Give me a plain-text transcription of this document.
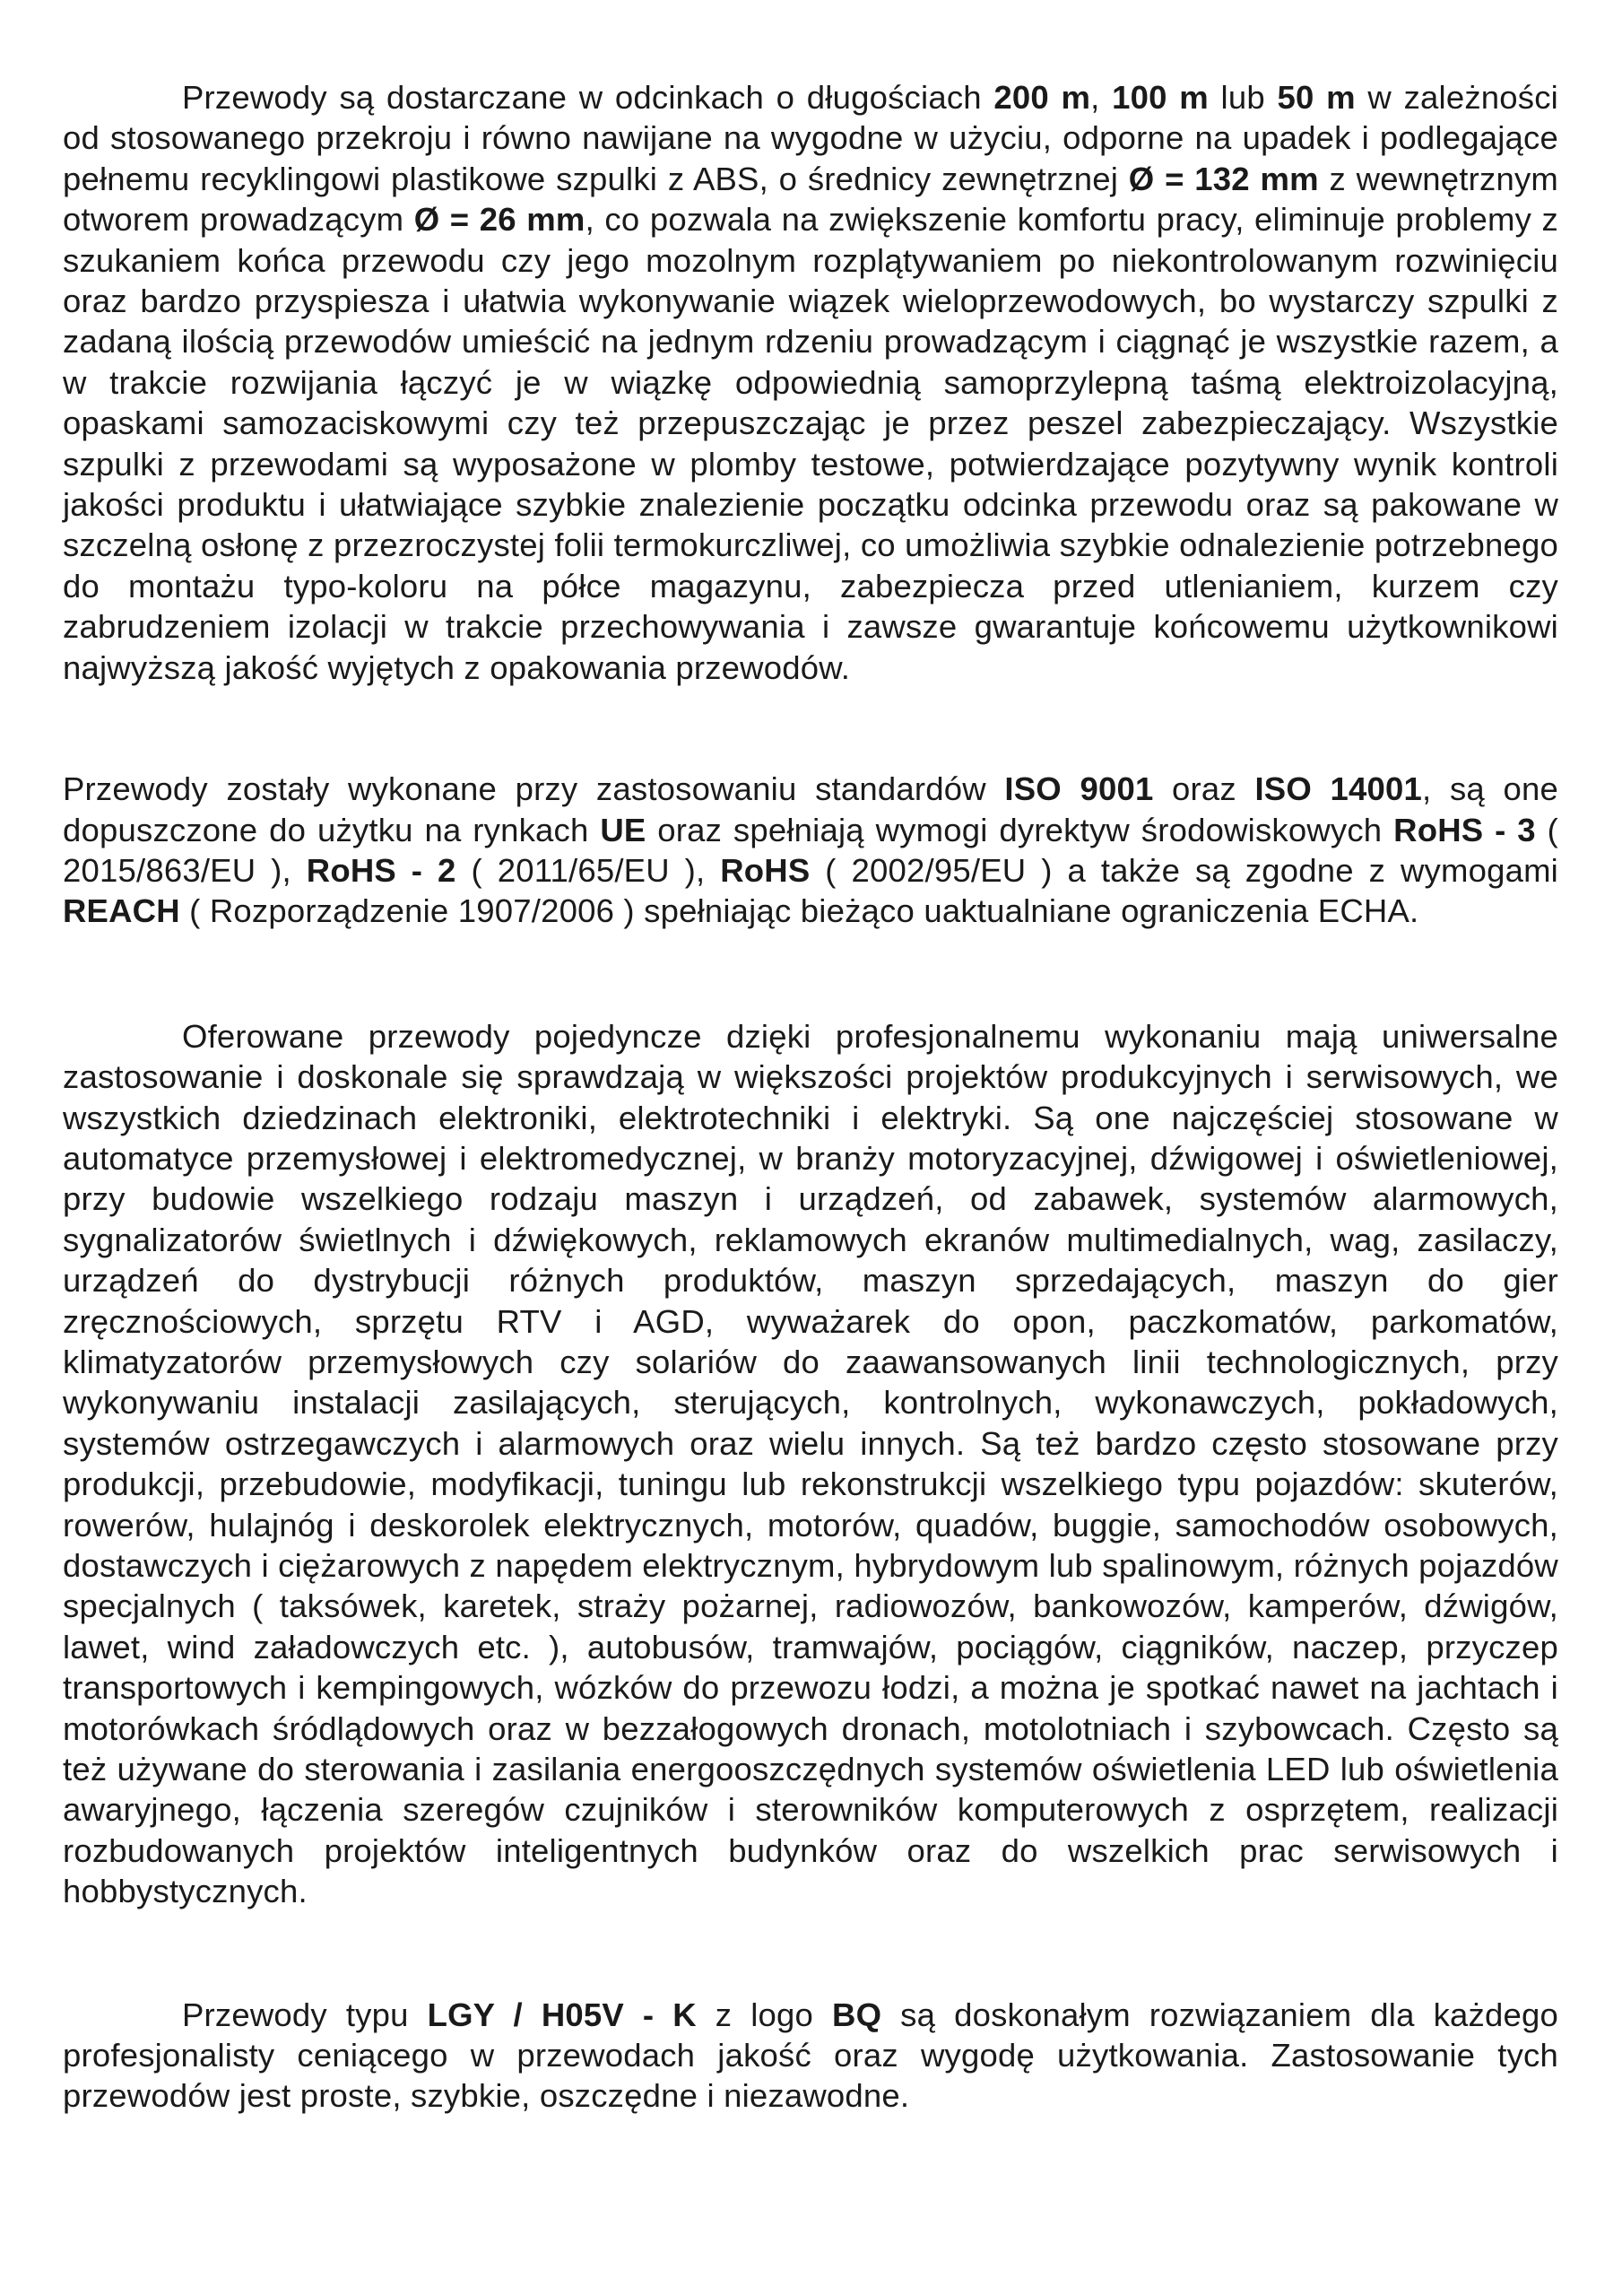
Przewody są dostarczane w odcinkach o długościach 200 m, 100 m lub 50 m w zależności od stosowanego przekroju i równo nawijane na wygodne w użyciu, odporne na upadek i podlegające pełnemu recyklingowi plastikowe szpulki z ABS, o średnicy zewnętrznej Ø = 132 mm z wewnętrznym otworem prowadzącym Ø = 26 mm, co pozwala na zwiększenie komfortu pracy, eliminuje problemy z szukaniem końca przewodu czy jego mozolnym rozplątywaniem po niekontrolowanym rozwinięciu oraz bardzo przyspiesza i ułatwia wykonywanie wiązek wieloprzewodowych, bo wystarczy szpulki z zadaną ilością przewodów umieścić na jednym rdzeniu prowadzącym i ciągnąć je wszystkie razem, a w trakcie rozwijania łączyć je w wiązkę odpowiednią samoprzylepną taśmą elektroizolacyjną, opaskami samozaciskowymi czy też przepuszczając je przez peszel zabezpieczający. Wszystkie szpulki z przewodami są wyposażone w plomby testowe, potwierdzające pozytywny wynik kontroli jakości produktu i ułatwiające szybkie znalezienie początku odcinka przewodu oraz są pakowane w szczelną osłonę z przezroczystej folii termokurczliwej, co umożliwia szybkie odnalezienie potrzebnego do montażu typo-koloru na półce magazynu, zabezpiecza przed utlenianiem, kurzem czy zabrudzeniem izolacji w trakcie przechowywania i zawsze gwarantuje końcowemu użytkownikowi najwyższą jakość wyjętych z opakowania przewodów.

Przewody zostały wykonane przy zastosowaniu standardów ISO 9001 oraz ISO 14001, są one dopuszczone do użytku na rynkach UE oraz spełniają wymogi dyrektyw środowiskowych RoHS - 3 ( 2015/863/EU ), RoHS - 2 ( 2011/65/EU ), RoHS ( 2002/95/EU ) a także są zgodne z wymogami REACH ( Rozporządzenie 1907/2006 ) spełniając bieżąco uaktualniane ograniczenia ECHA.

Oferowane przewody pojedyncze dzięki profesjonalnemu wykonaniu mają uniwersalne zastosowanie i doskonale się sprawdzają w większości projektów produkcyjnych i serwisowych, we wszystkich dziedzinach elektroniki, elektrotechniki i elektryki. Są one najczęściej stosowane w automatyce przemysłowej i elektromedycznej, w branży motoryzacyjnej, dźwigowej i oświetleniowej, przy budowie wszelkiego rodzaju maszyn i urządzeń, od zabawek, systemów alarmowych, sygnalizatorów świetlnych i dźwiękowych, reklamowych ekranów multimedialnych, wag, zasilaczy, urządzeń do dystrybucji różnych produktów, maszyn sprzedających, maszyn do gier zręcznościowych, sprzętu RTV i AGD, wyważarek do opon, paczkomatów, parkomatów, klimatyzatorów przemysłowych czy solariów do zaawansowanych linii technologicznych, przy wykonywaniu instalacji zasilających, sterujących, kontrolnych, wykonawczych, pokładowych, systemów ostrzegawczych i alarmowych oraz wielu innych. Są też bardzo często stosowane przy produkcji, przebudowie, modyfikacji, tuningu lub rekonstrukcji wszelkiego typu pojazdów: skuterów, rowerów, hulajnóg i deskorolek elektrycznych, motorów, quadów, buggie, samochodów osobowych, dostawczych i ciężarowych z napędem elektrycznym, hybrydowym lub spalinowym, różnych pojazdów specjalnych ( taksówek, karetek, straży pożarnej, radiowozów, bankowozów, kamperów, dźwigów, lawet, wind załadowczych etc. ), autobusów, tramwajów, pociągów, ciągników, naczep, przyczep transportowych i kempingowych, wózków do przewozu łodzi, a można je spotkać nawet na jachtach i motorówkach śródlądowych oraz w bezzałogowych dronach, motolotniach i szybowcach. Często są też używane do sterowania i zasilania energooszczędnych systemów oświetlenia LED lub oświetlenia awaryjnego, łączenia szeregów czujników i sterowników komputerowych z osprzętem, realizacji rozbudowanych projektów inteligentnych budynków oraz do wszelkich prac serwisowych i hobbystycznych.

Przewody typu LGY / H05V - K z logo BQ są doskonałym rozwiązaniem dla każdego profesjonalisty ceniącego w przewodach jakość oraz wygodę użytkowania. Zastosowanie tych przewodów jest proste, szybkie, oszczędne i niezawodne.
